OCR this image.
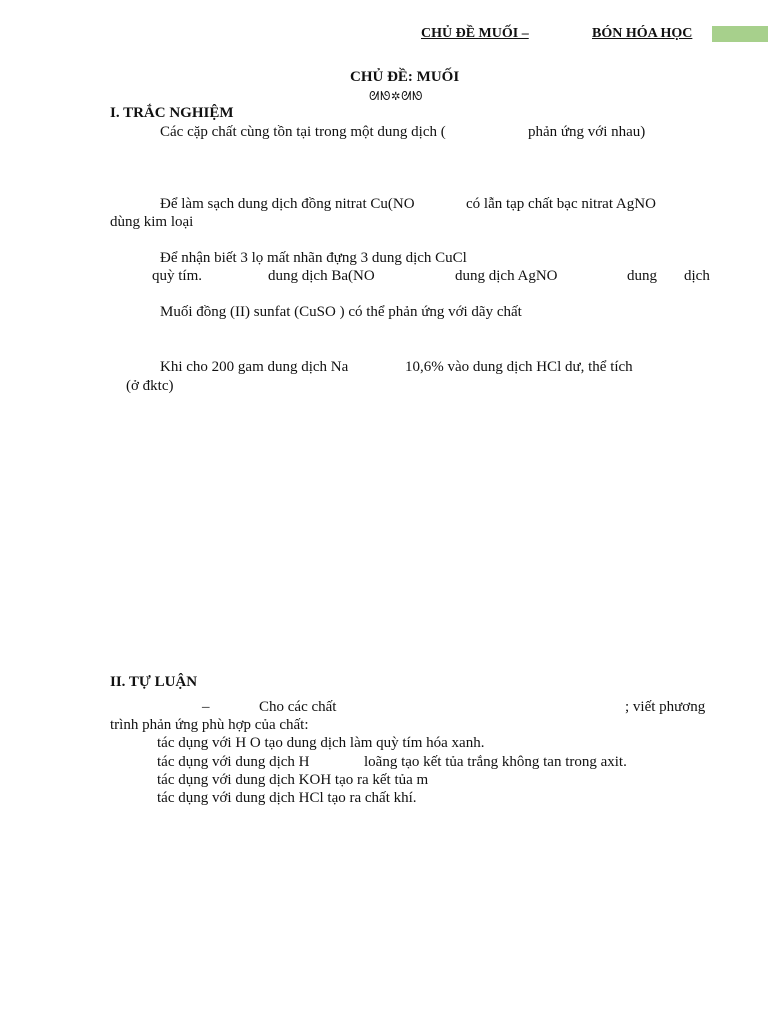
CHỦ ĐỀ MUỐI –	BÓN HÓA HỌC
CHỦ ĐỀ: MUỐI
ᘛᘚ✲ᘛᘚ
I. TRẮC NGHIỆM
Các cặp chất cùng tồn tại trong một dung dịch (	phản ứng với nhau)
Để làm sạch dung dịch đồng nitrat Cu(NO	có lẫn tạp chất bạc nitrat AgNO
dùng kim loại
Để nhận biết 3 lọ mất nhãn đựng 3 dung dịch CuCl
quỳ tím.	dung dịch Ba(NO	dung dịch AgNO	dung dịch
Muối đồng (II) sunfat (CuSO ) có thể phản ứng với dãy chất
Khi cho 200 gam dung dịch Na	10,6% vào dung dịch HCl dư, thể tích
(ở đktc)
II. TỰ LUẬN
–	Cho các chất	; viết phương
trình phản ứng phù hợp của chất:
tác dụng với H O tạo dung dịch làm quỳ tím hóa xanh.
tác dụng với dung dịch H	loãng tạo kết tủa trắng không tan trong axit.
tác dụng với dung dịch KOH tạo ra kết tủa m
tác dụng với dung dịch HCl tạo ra chất khí.
